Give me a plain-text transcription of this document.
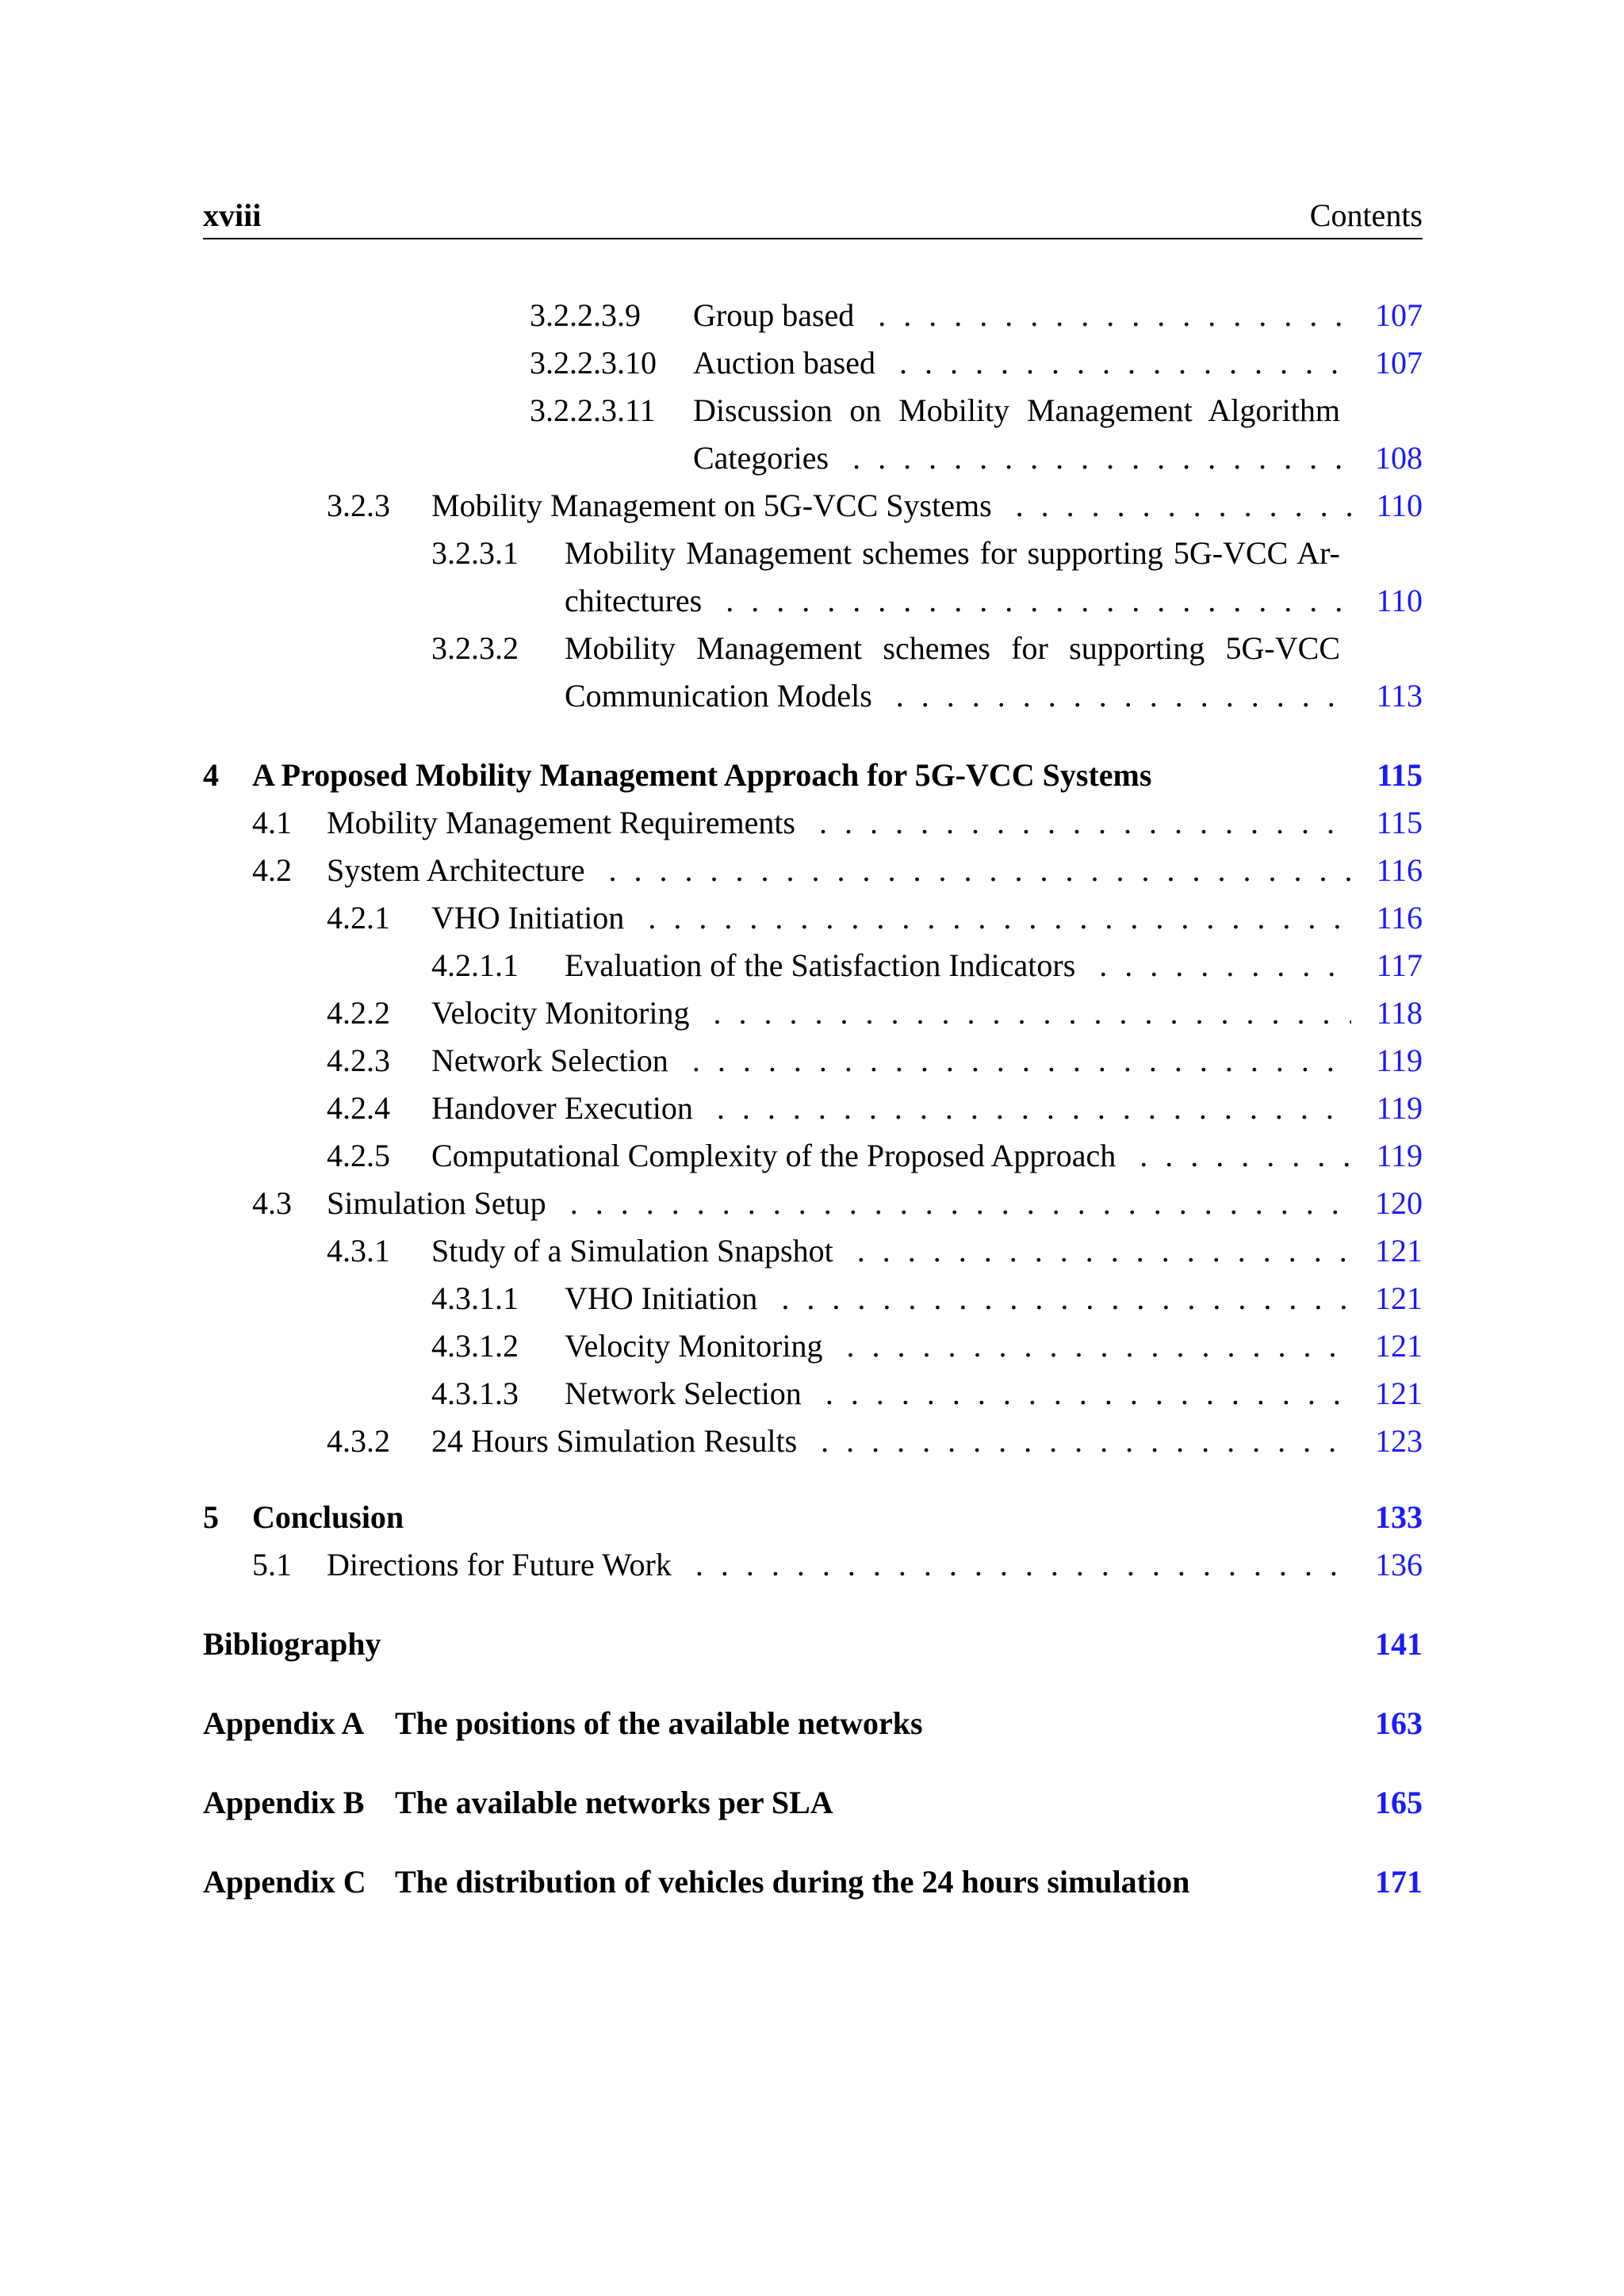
xviii	Contents
3.2.2.3.9 Group based . . .	107
3.2.2.3.10 Auction based . . .	107
3.2.2.3.11 Discussion on Mobility Management Algorithm
Categories . . .	108
3.2.3 Mobility Management on 5G-VCC Systems . . .	110
3.2.3.1 Mobility Management schemes for supporting 5G-VCC Ar-
chitectures . . .	110
3.2.3.2 Mobility Management schemes for supporting 5G-VCC
Communication Models . . .	113
4 A Proposed Mobility Management Approach for 5G-VCC Systems	115
4.1 Mobility Management Requirements . . .	115
4.2 System Architecture . . .	116
4.2.1 VHO Initiation . . .	116
4.2.1.1 Evaluation of the Satisfaction Indicators . . .	117
4.2.2 Velocity Monitoring . . .	118
4.2.3 Network Selection . . .	119
4.2.4 Handover Execution . . .	119
4.2.5 Computational Complexity of the Proposed Approach . . .	119
4.3 Simulation Setup . . .	120
4.3.1 Study of a Simulation Snapshot . . .	121
4.3.1.1 VHO Initiation . . .	121
4.3.1.2 Velocity Monitoring . . .	121
4.3.1.3 Network Selection . . .	121
4.3.2 24 Hours Simulation Results . . .	123
5 Conclusion	133
5.1 Directions for Future Work . . .	136
Bibliography	141
Appendix A The positions of the available networks	163
Appendix B The available networks per SLA	165
Appendix C The distribution of vehicles during the 24 hours simulation	171
